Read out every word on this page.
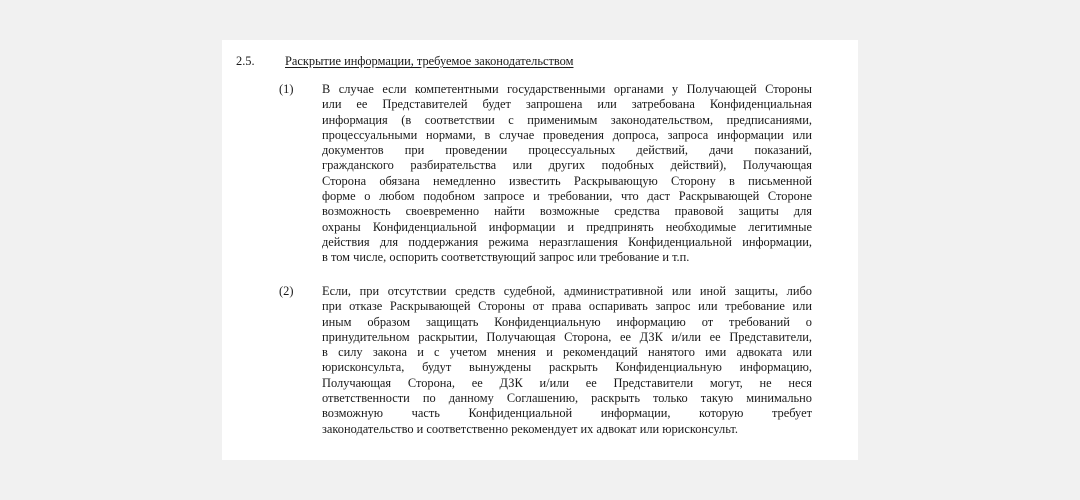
2.5. Раскрытие информации, требуемое законодательством
(1) В случае если компетентными государственными органами у Получающей Стороны
или ее Представителей будет запрошена или затребована Конфиденциальная
информация (в соответствии с применимым законодательством, предписаниями,
процессуальными нормами, в случае проведения допроса, запроса информации или
документов при проведении процессуальных действий, дачи показаний,
гражданского разбирательства или других подобных действий), Получающая
Сторона обязана немедленно известить Раскрывающую Сторону в письменной
форме о любом подобном запросе и требовании, что даст Раскрывающей Стороне
возможность своевременно найти возможные средства правовой защиты для
охраны Конфиденциальной информации и предпринять необходимые легитимные
действия для поддержания режима неразглашения Конфиденциальной информации,
в том числе, оспорить соответствующий запрос или требование и т.п.
(2) Если, при отсутствии средств судебной, административной или иной защиты, либо
при отказе Раскрывающей Стороны от права оспаривать запрос или требование или
иным образом защищать Конфиденциальную информацию от требований о
принудительном раскрытии, Получающая Сторона, ее ДЗК и/или ее Представители,
в силу закона и с учетом мнения и рекомендаций нанятого ими адвоката или
юрисконсульта, будут вынуждены раскрыть Конфиденциальную информацию,
Получающая Сторона, ее ДЗК и/или ее Представители могут, не неся
ответственности по данному Соглашению, раскрыть только такую минимально
возможную часть Конфиденциальной информации, которую требует
законодательство и соответственно рекомендует их адвокат или юрисконсульт.
